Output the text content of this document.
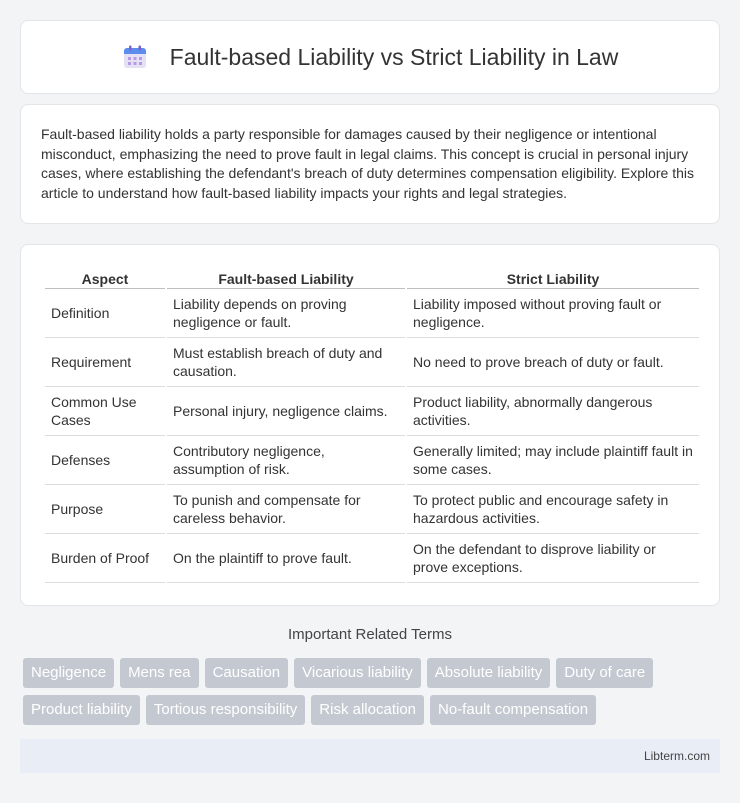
Fault-based Liability vs Strict Liability in Law

Fault-based liability holds a party responsible for damages caused by their negligence or intentional misconduct, emphasizing the need to prove fault in legal claims. This concept is crucial in personal injury cases, where establishing the defendant's breach of duty determines compensation eligibility. Explore this article to understand how fault-based liability impacts your rights and legal strategies.

Aspect	Fault-based Liability	Strict Liability
Definition	Liability depends on proving negligence or fault.	Liability imposed without proving fault or negligence.
Requirement	Must establish breach of duty and causation.	No need to prove breach of duty or fault.
Common Use Cases	Personal injury, negligence claims.	Product liability, abnormally dangerous activities.
Defenses	Contributory negligence, assumption of risk.	Generally limited; may include plaintiff fault in some cases.
Purpose	To punish and compensate for careless behavior.	To protect public and encourage safety in hazardous activities.
Burden of Proof	On the plaintiff to prove fault.	On the defendant to disprove liability or prove exceptions.
Important Related Terms
Negligence	Mens rea	Causation	Vicarious liability	Absolute liability	Duty of care
Product liability	Tortious responsibility	Risk allocation	No-fault compensation
Libterm.com
